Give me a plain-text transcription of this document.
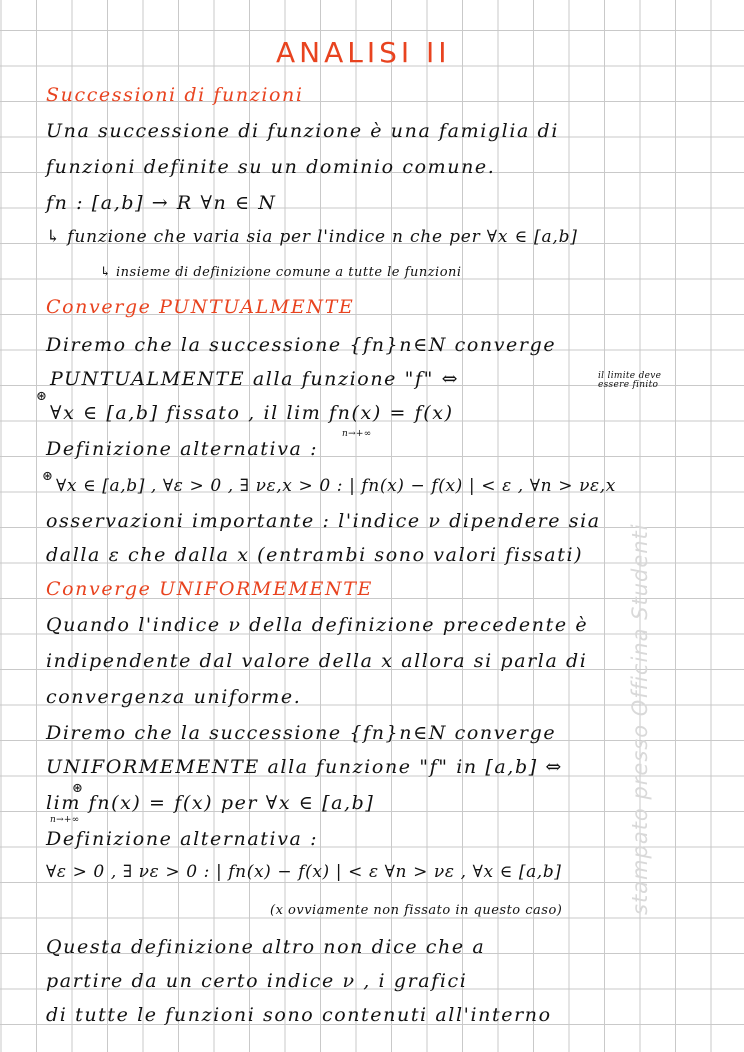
ANALISI II
Successioni di funzioni
Una successione di funzione è una famiglia di
funzioni definite su un dominio comune.
fn : [a,b] → R ∀n ∈ N
↳ funzione che varia sia per l'indice n che per ∀x ∈ [a,b]
↳ insieme di definizione comune a tutte le funzioni
Converge PUNTUALMENTE
Diremo che la successione {fn}n∈N converge
PUNTUALMENTE alla funzione "f" ⇔	il limite deve essere finito
⊛
∀x ∈ [a,b] fissato , il lim fn(x) = f(x)
n→+∞
Definizione alternativa :
⊛ ∀x ∈ [a,b] , ∀ε > 0 , ∃ νε,x > 0 : | fn(x) − f(x) | < ε , ∀n > νε,x
osservazioni importante : l'indice ν dipendere sia
dalla ε che dalla x (entrambi sono valori fissati)
Converge UNIFORMEMENTE
Quando l'indice ν della definizione precedente è
indipendente dal valore della x allora si parla di
convergenza uniforme.
Diremo che la successione {fn}n∈N converge
UNIFORMEMENTE alla funzione "f" in [a,b] ⇔
⊛
lim fn(x) = f(x) per ∀x ∈ [a,b]
n→+∞
Definizione alternativa :
∀ε > 0 , ∃ νε > 0 : | fn(x) − f(x) | < ε ∀n > νε , ∀x ∈ [a,b]
(x ovviamente non fissato in questo caso)
Questa definizione altro non dice che a
partire da un certo indice ν , i grafici
di tutte le funzioni sono contenuti all'interno
stampato presso Officina Studenti
